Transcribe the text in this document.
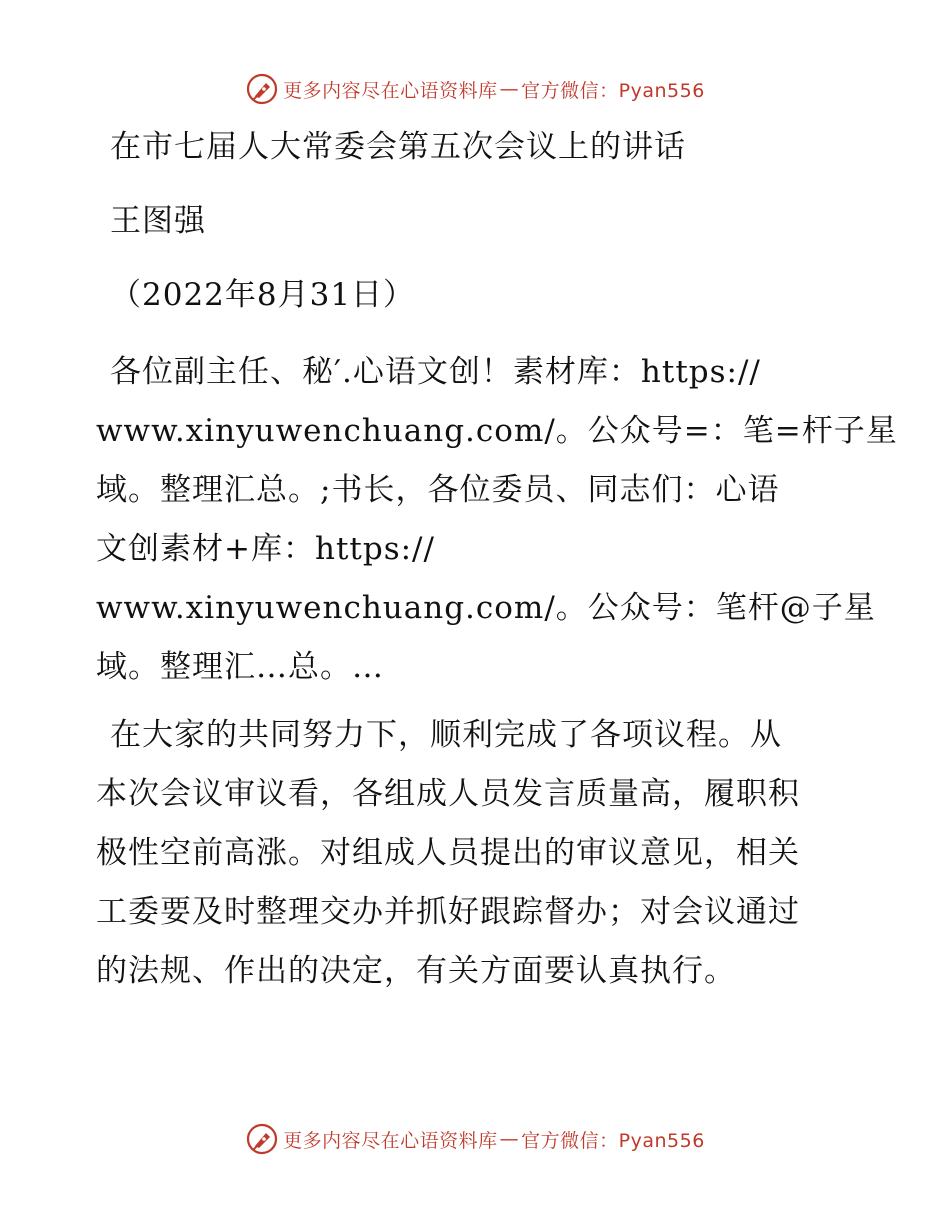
更多内容尽在心语资料库 — 官方微信：Pyan556
在市七届人大常委会第五次会议上的讲话
王图强
（2022年8月31日）
各位副主任、秘′.心语文创！素材库：https://
www.xinyuwenchuang.com/。公众号=：笔=杆子星
域。整理汇总。;书长，各位委员、同志们：心语
文创素材+库：https://
www.xinyuwenchuang.com/。公众号：笔杆@子星
域。整理汇…总。…
在大家的共同努力下，顺利完成了各项议程。从
本次会议审议看，各组成人员发言质量高，履职积
极性空前高涨。对组成人员提出的审议意见，相关
工委要及时整理交办并抓好跟踪督办；对会议通过
的法规、作出的决定，有关方面要认真执行。
更多内容尽在心语资料库 — 官方微信：Pyan556
